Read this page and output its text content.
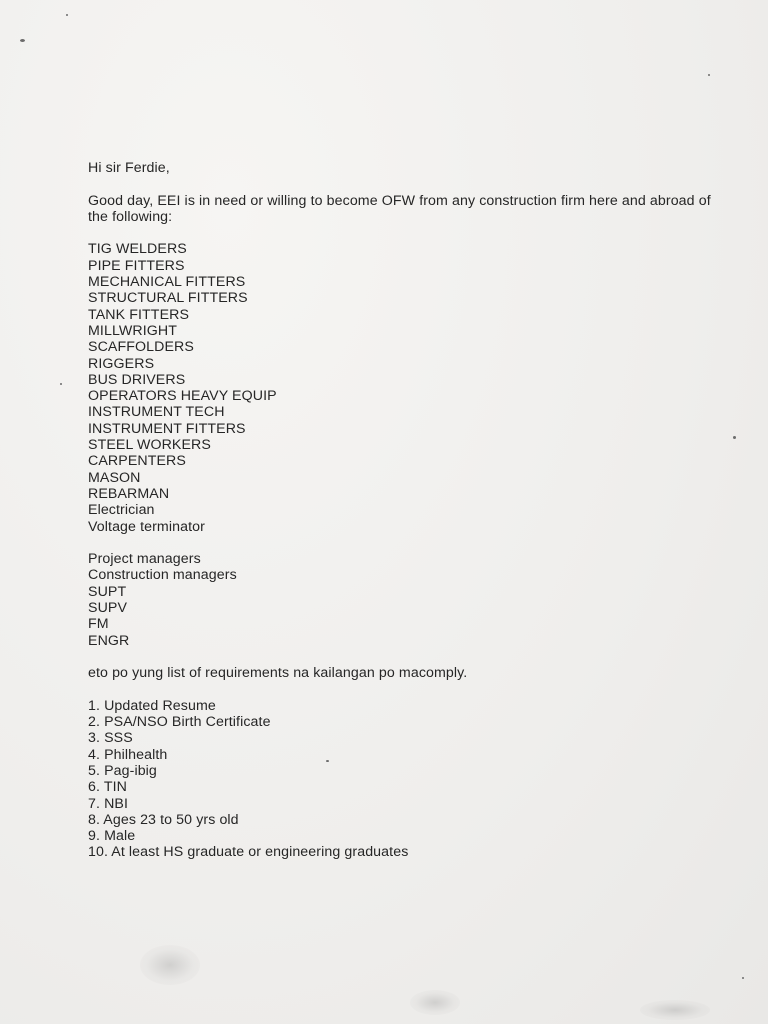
Hi sir Ferdie,
Good day, EEI is in need or willing to become OFW from any construction firm here and abroad of the following:
TIG WELDERS
PIPE FITTERS
MECHANICAL FITTERS
STRUCTURAL FITTERS
TANK FITTERS
MILLWRIGHT
SCAFFOLDERS
RIGGERS
BUS DRIVERS
OPERATORS HEAVY EQUIP
INSTRUMENT TECH
INSTRUMENT FITTERS
STEEL WORKERS
CARPENTERS
MASON
REBARMAN
Electrician
Voltage terminator
Project managers
Construction managers
SUPT
SUPV
FM
ENGR
eto po yung list of requirements na kailangan po macomply.
1. Updated Resume
2. PSA/NSO Birth Certificate
3. SSS
4. Philhealth
5. Pag-ibig
6. TIN
7. NBI
8. Ages 23 to 50 yrs old
9. Male
10. At least HS graduate or engineering graduates
